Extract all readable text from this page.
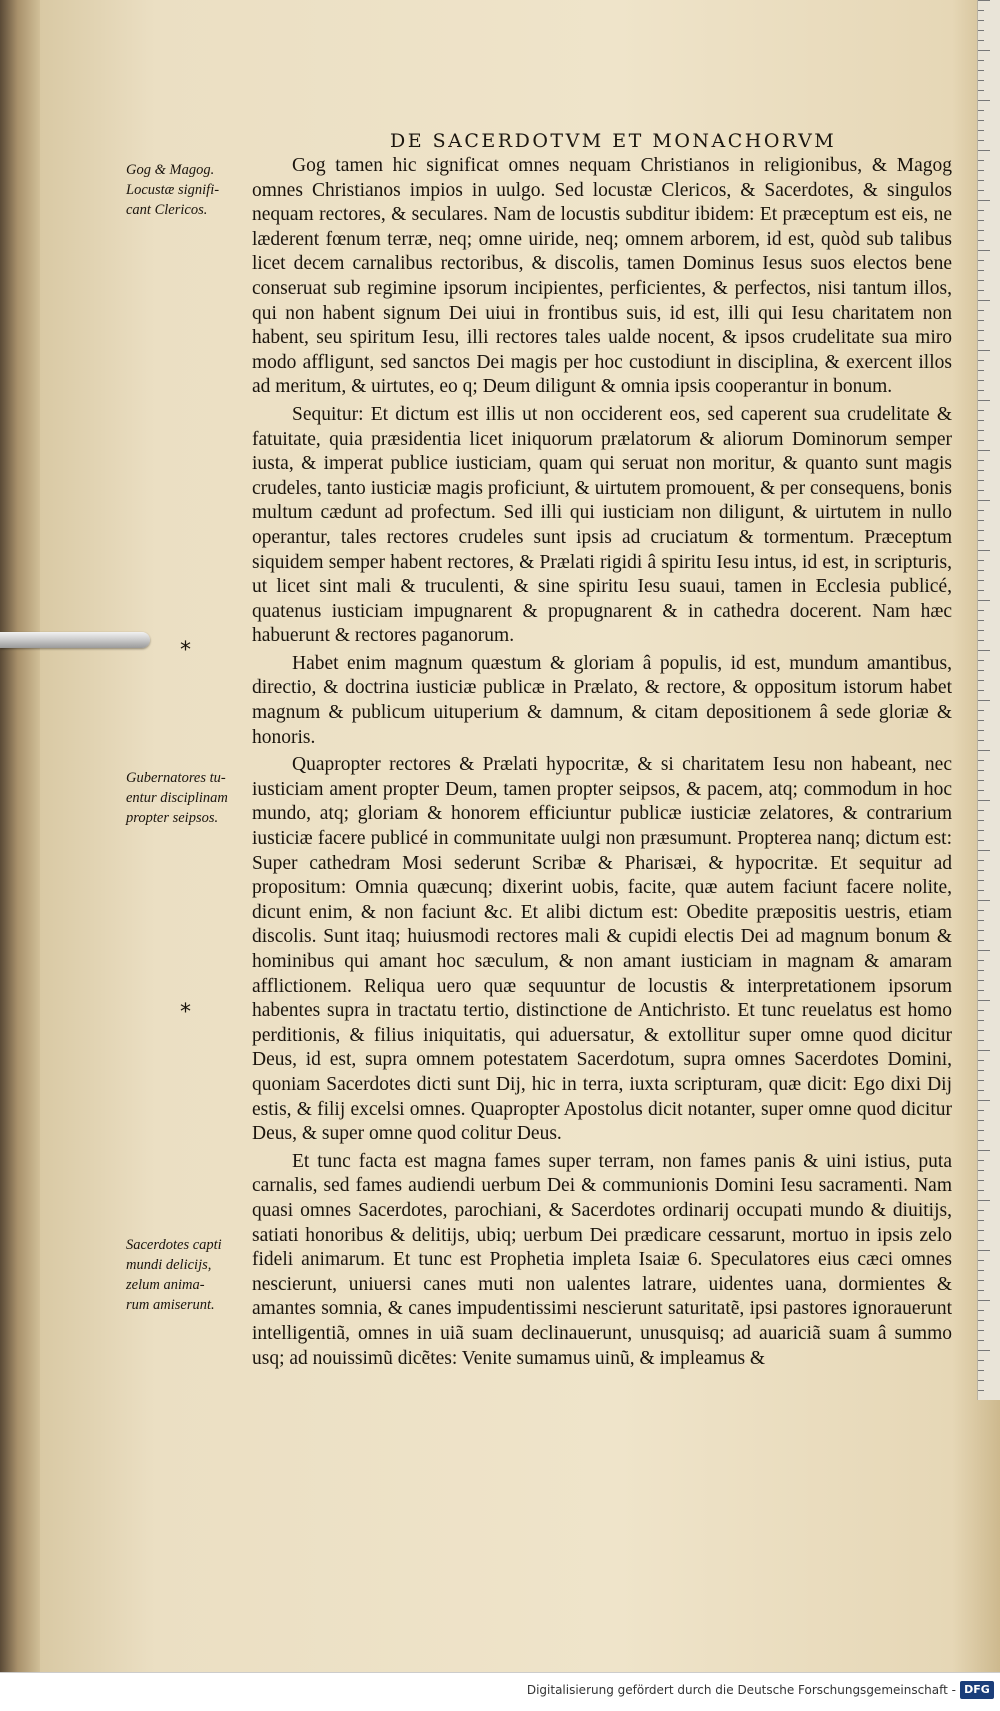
DE SACERDOTVM ET MONACHORVM
Gog & Magog.
Locustæ signifi-
cant Clericos.
*
Gubernatores tu-
entur disciplinam
propter seipsos.
*
Sacerdotes capti
mundi delicijs,
zelum anima-
rum amiserunt.

Gog tamen hic significat omnes nequam Christianos in religionibus, & Magog omnes Christianos impios in uulgo. Sed locustæ Clericos, & Sacerdotes, & singulos nequam rectores, & seculares. Nam de locustis subditur ibidem: Et præceptum est eis, ne læderent fœnum terræ, neq; omne uiride, neq; omnem arborem, id est, quòd sub talibus licet decem carnalibus rectoribus, & discolis, tamen Dominus Iesus suos electos bene conseruat sub regimine ipsorum incipientes, perficientes, & perfectos, nisi tantum illos, qui non habent signum Dei uiui in frontibus suis, id est, illi qui Iesu charitatem non habent, seu spiritum Iesu, illi rectores tales ualde nocent, & ipsos crudelitate sua miro modo affligunt, sed sanctos Dei magis per hoc custodiunt in disciplina, & exercent illos ad meritum, & uirtutes, eo q; Deum diligunt & omnia ipsis cooperantur in bonum.

Sequitur: Et dictum est illis ut non occiderent eos, sed caperent sua crudelitate & fatuitate, quia præsidentia licet iniquorum prælatorum & aliorum Dominorum semper iusta, & imperat publice iusticiam, quam qui seruat non moritur, & quanto sunt magis crudeles, tanto iusticiæ magis proficiunt, & uirtutem promouent, & per consequens, bonis multum cædunt ad profectum. Sed illi qui iusticiam non diligunt, & uirtutem in nullo operantur, tales rectores crudeles sunt ipsis ad cruciatum & tormentum. Præceptum siquidem semper habent rectores, & Prælati rigidi â spiritu Iesu intus, id est, in scripturis, ut licet sint mali & truculenti, & sine spiritu Iesu suaui, tamen in Ecclesia publicé, quatenus iusticiam impugnarent & propugnarent & in cathedra docerent. Nam hæc habuerunt & rectores paganorum.

Habet enim magnum quæstum & gloriam â populis, id est, mundum amantibus, directio, & doctrina iusticiæ publicæ in Prælato, & rectore, & oppositum istorum habet magnum & publicum uituperium & damnum, & citam depositionem â sede gloriæ & honoris.

Quapropter rectores & Prælati hypocritæ, & si charitatem Iesu non habeant, nec iusticiam ament propter Deum, tamen propter seipsos, & pacem, atq; commodum in hoc mundo, atq; gloriam & honorem efficiuntur publicæ iusticiæ zelatores, & contrarium iusticiæ facere publicé in communitate uulgi non præsumunt. Propterea nanq; dictum est: Super cathedram Mosi sederunt Scribæ & Pharisæi, & hypocritæ. Et sequitur ad propositum: Omnia quæcunq; dixerint uobis, facite, quæ autem faciunt facere nolite, dicunt enim, & non faciunt &c. Et alibi dictum est: Obedite præpositis uestris, etiam discolis. Sunt itaq; huiusmodi rectores mali & cupidi electis Dei ad magnum bonum & hominibus qui amant hoc sæculum, & non amant iusticiam in magnam & amaram afflictionem. Reliqua uero quæ sequuntur de locustis & interpretationem ipsorum habentes supra in tractatu tertio, distinctione de Antichristo. Et tunc reuelatus est homo perditionis, & filius iniquitatis, qui aduersatur, & extollitur super omne quod dicitur Deus, id est, supra omnem potestatem Sacerdotum, supra omnes Sacerdotes Domini, quoniam Sacerdotes dicti sunt Dij, hic in terra, iuxta scripturam, quæ dicit: Ego dixi Dij estis, & filij excelsi omnes. Quapropter Apostolus dicit notanter, super omne quod dicitur Deus, & super omne quod colitur Deus.

Et tunc facta est magna fames super terram, non fames panis & uini istius, puta carnalis, sed fames audiendi uerbum Dei & communionis Domini Iesu sacramenti. Nam quasi omnes Sacerdotes, parochiani, & Sacerdotes ordinarij occupati mundo & diuitijs, satiati honoribus & delitijs, ubiq; uerbum Dei prædicare cessarunt, mortuo in ipsis zelo fideli animarum. Et tunc est Prophetia impleta Isaiæ 6. Speculatores eius cæci omnes nescierunt, uniuersi canes muti non ualentes latrare, uidentes uana, dormientes & amantes somnia, & canes impudentissimi nescierunt saturitatẽ, ipsi pastores ignorauerunt intelligentiã, omnes in uiã suam declinauerunt, unusquisq; ad auariciã suam â summo usq; ad nouissimũ dicẽtes: Venite sumamus uinũ, & impleamus &

Digitalisierung gefördert durch die Deutsche Forschungsgemeinschaft - DFG
